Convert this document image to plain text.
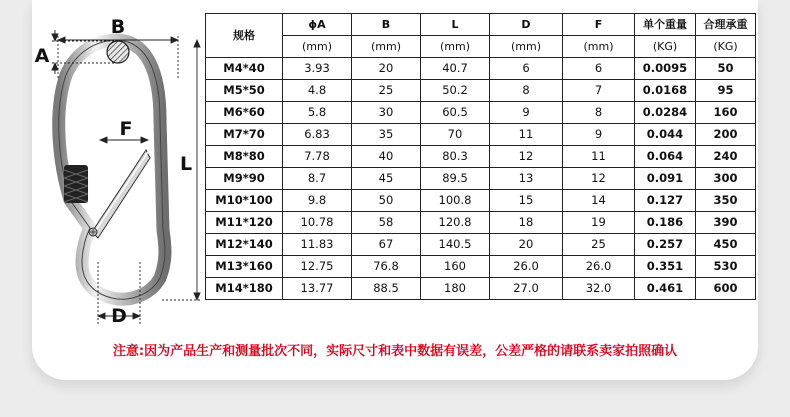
B
A
F
L
D
规格	ϕA	B	L	D	F	单个重量	合理承重
	(mm)	(mm)	(mm)	(mm)	(mm)	(KG)	(KG)
M4*40	3.93	20	40.7	6	6	0.0095	50
M5*50	4.8	25	50.2	8	7	0.0168	95
M6*60	5.8	30	60.5	9	8	0.0284	160
M7*70	6.83	35	70	11	9	0.044	200
M8*80	7.78	40	80.3	12	11	0.064	240
M9*90	8.7	45	89.5	13	12	0.091	300
M10*100	9.8	50	100.8	15	14	0.127	350
M11*120	10.78	58	120.8	18	19	0.186	390
M12*140	11.83	67	140.5	20	25	0.257	450
M13*160	12.75	76.8	160	26.0	26.0	0.351	530
M14*180	13.77	88.5	180	27.0	32.0	0.461	600
注意:因为产品生产和测量批次不同，实际尺寸和表中数据有误差，公差严格的请联系卖家拍照确认
